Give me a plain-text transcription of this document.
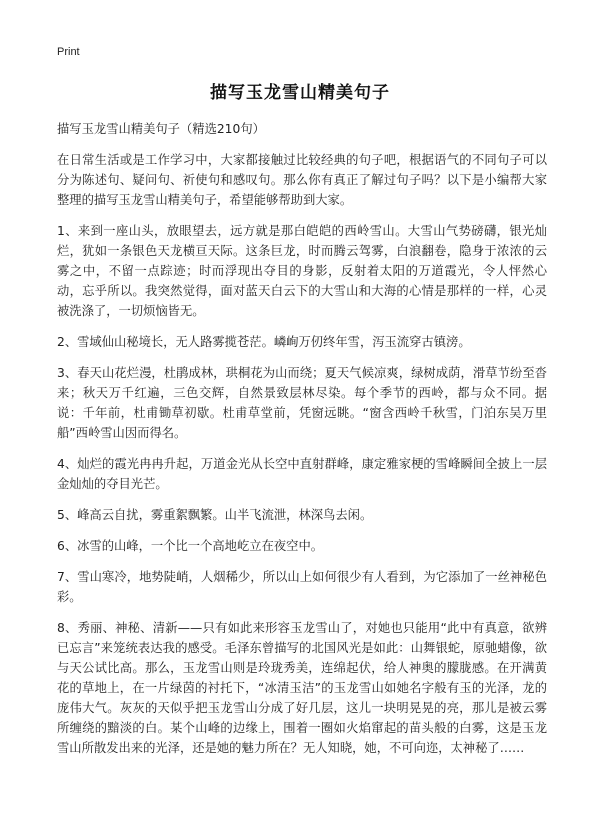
Print
描写玉龙雪山精美句子
描写玉龙雪山精美句子（精选210句）
在日常生活或是工作学习中，大家都接触过比较经典的句子吧，根据语气的不同句子可以分为陈述句、疑问句、祈使句和感叹句。那么你有真正了解过句子吗？以下是小编帮大家整理的描写玉龙雪山精美句子，希望能够帮助到大家。
1、来到一座山头，放眼望去，远方就是那白皑皑的西岭雪山。大雪山气势磅礴，银光灿烂，犹如一条银色天龙横亘天际。这条巨龙，时而腾云驾雾，白浪翻卷，隐身于浓浓的云雾之中，不留一点踪迹；时而浮现出夺目的身影，反射着太阳的万道霞光，令人怦然心动，忘乎所以。我突然觉得，面对蓝天白云下的大雪山和大海的心情是那样的一样，心灵被洗涤了，一切烦恼皆无。
2、雪域仙山秘境长，无人路雾揽苍茫。嶙峋万仞终年雪，泻玉流穿古镇滂。
3、春天山花烂漫，杜鹃成林，珙桐花为山而绕；夏天气候凉爽，绿树成荫，滑草节纷至沓来；秋天万千红遍，三色交辉，自然景致层林尽染。每个季节的西岭，都与众不同。据说：千年前，杜甫锄草初歇。杜甫草堂前，凭窗远眺。“窗含西岭千秋雪，门泊东吴万里船”西岭雪山因而得名。
4、灿烂的霞光冉冉升起，万道金光从长空中直射群峰，康定雅家梗的雪峰瞬间全披上一层金灿灿的夺目光芒。
5、峰高云自扰，雾重絮飘繁。山半飞流泄，林深鸟去闲。
6、冰雪的山峰，一个比一个高地屹立在夜空中。
7、雪山寒冷，地势陡峭，人烟稀少，所以山上如何很少有人看到，为它添加了一丝神秘色彩。
8、秀丽、神秘、清新——只有如此来形容玉龙雪山了，对她也只能用“此中有真意，欲辨已忘言”来笼统表达我的感受。毛泽东曾描写的北国风光是如此：山舞银蛇，原驰蜡像，欲与天公试比高。那么，玉龙雪山则是玲珑秀美，连绵起伏，给人神奥的朦胧感。在开满黄花的草地上，在一片绿茵的衬托下，“冰清玉洁”的玉龙雪山如她名字般有玉的光泽，龙的庞伟大气。灰灰的天似乎把玉龙雪山分成了好几层，这儿一块明晃晃的亮，那儿是被云雾所缠绕的黯淡的白。某个山峰的边缘上，围着一圈如火焰窜起的苗头般的白雾，这是玉龙雪山所散发出来的光泽，还是她的魅力所在？无人知晓，她，不可向迩，太神秘了……
